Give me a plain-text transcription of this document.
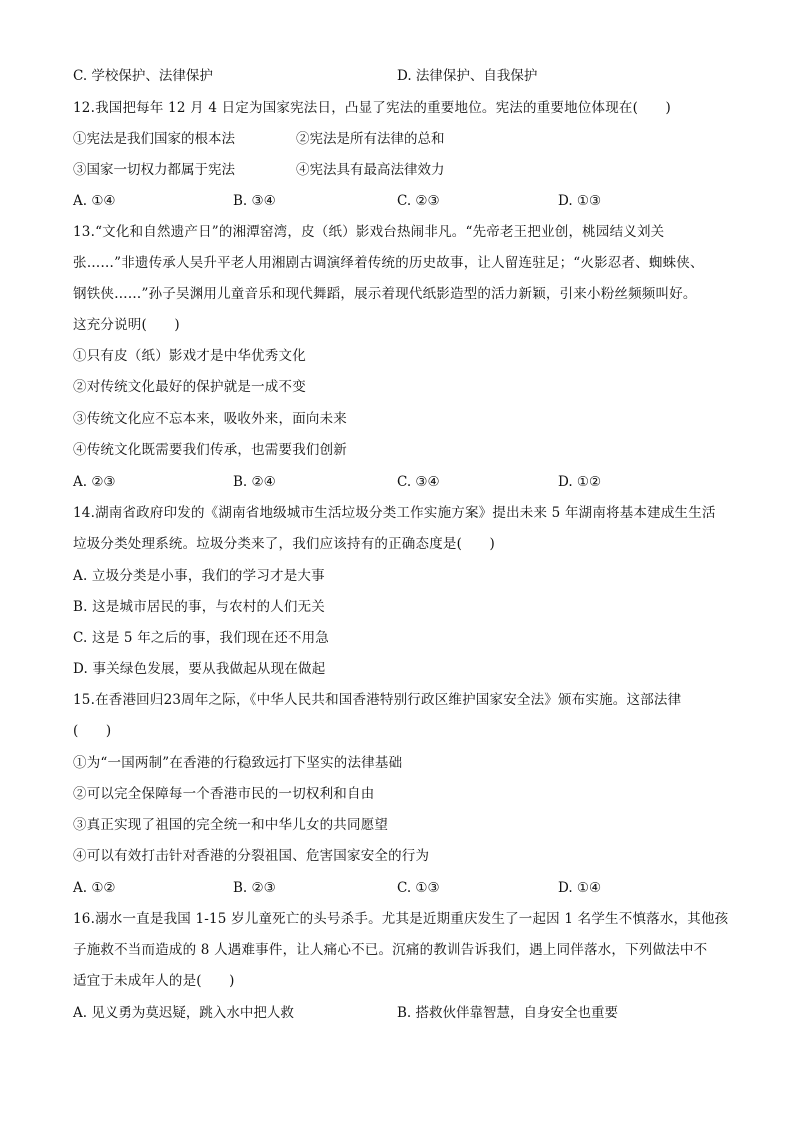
C. 学校保护、法律保护	D. 法律保护、自我保护
12.我国把每年 12 月 4 日定为国家宪法日，凸显了宪法的重要地位。宪法的重要地位体现在(　　)
①宪法是我们国家的根本法	②宪法是所有法律的总和
③国家一切权力都属于宪法	④宪法具有最高法律效力
A. ①④	B. ③④	C. ②③	D. ①③
13.“文化和自然遗产日”的湘潭窑湾，皮（纸）影戏台热闹非凡。“先帝老王把业创，桃园结义刘关
张……”非遗传承人吴升平老人用湘剧古调演绎着传统的历史故事，让人留连驻足；“火影忍者、蜘蛛侠、
钢铁侠……”孙子吴渊用儿童音乐和现代舞蹈，展示着现代纸影造型的活力新颖，引来小粉丝频频叫好。
这充分说明(　　)
①只有皮（纸）影戏才是中华优秀文化
②对传统文化最好的保护就是一成不变
③传统文化应不忘本来，吸收外来，面向未来
④传统文化既需要我们传承，也需要我们创新
A. ②③	B. ②④	C. ③④	D. ①②
14.湖南省政府印发的《湖南省地级城市生活垃圾分类工作实施方案》提出未来 5 年湖南将基本建成生生活
垃圾分类处理系统。垃圾分类来了，我们应该持有的正确态度是(　　)
A. 立圾分类是小事，我们的学习才是大事
B. 这是城市居民的事，与农村的人们无关
C. 这是 5 年之后的事，我们现在还不用急
D. 事关绿色发展，要从我做起从现在做起
15.在香港回归23周年之际，《中华人民共和国香港特别行政区维护国家安全法》颁布实施。这部法律
(　　)
①为“一国两制”在香港的行稳致远打下坚实的法律基础
②可以完全保障每一个香港市民的一切权利和自由
③真正实现了祖国的完全统一和中华儿女的共同愿望
④可以有效打击针对香港的分裂祖国、危害国家安全的行为
A. ①②	B. ②③	C. ①③	D. ①④
16.溺水一直是我国 1-15 岁儿童死亡的头号杀手。尤其是近期重庆发生了一起因 1 名学生不慎落水，其他孩
子施救不当而造成的 8 人遇难事件，让人痛心不已。沉痛的教训告诉我们，遇上同伴落水，下列做法中不
适宜于未成年人的是(　　)
A. 见义勇为莫迟疑，跳入水中把人救	B. 搭救伙伴靠智慧，自身安全也重要
